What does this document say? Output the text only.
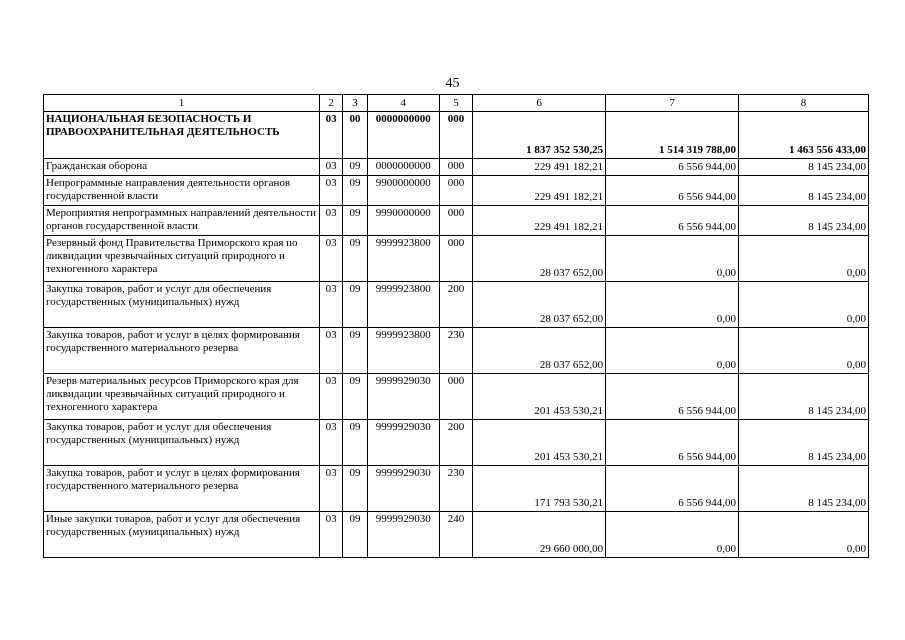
45
1	2	3	4	5	6	7	8
НАЦИОНАЛЬНАЯ БЕЗОПАСНОСТЬ И ПРАВООХРАНИТЕЛЬНАЯ ДЕЯТЕЛЬНОСТЬ	03	00	0000000000	000	1 837 352 530,25	1 514 319 788,00	1 463 556 433,00
Гражданская оборона	03	09	0000000000	000	229 491 182,21	6 556 944,00	8 145 234,00
Непрограммные направления деятельности органов государственной власти	03	09	9900000000	000	229 491 182,21	6 556 944,00	8 145 234,00
Мероприятия непрограммных направлений деятельности органов государственной власти	03	09	9990000000	000	229 491 182,21	6 556 944,00	8 145 234,00
Резервный фонд Правительства Приморского края по ликвидации чрезвычайных ситуаций природного и техногенного характера	03	09	9999923800	000	28 037 652,00	0,00	0,00
Закупка товаров, работ и услуг для обеспечения государственных (муниципальных) нужд	03	09	9999923800	200	28 037 652,00	0,00	0,00
Закупка товаров, работ и услуг в целях формирования государственного материального резерва	03	09	9999923800	230	28 037 652,00	0,00	0,00
Резерв материальных ресурсов Приморского края для ликвидации чрезвычайных ситуаций природного и техногенного характера	03	09	9999929030	000	201 453 530,21	6 556 944,00	8 145 234,00
Закупка товаров, работ и услуг для обеспечения государственных (муниципальных) нужд	03	09	9999929030	200	201 453 530,21	6 556 944,00	8 145 234,00
Закупка товаров, работ и услуг в целях формирования государственного материального резерва	03	09	9999929030	230	171 793 530,21	6 556 944,00	8 145 234,00
Иные закупки товаров, работ и услуг для обеспечения государственных (муниципальных) нужд	03	09	9999929030	240	29 660 000,00	0,00	0,00
